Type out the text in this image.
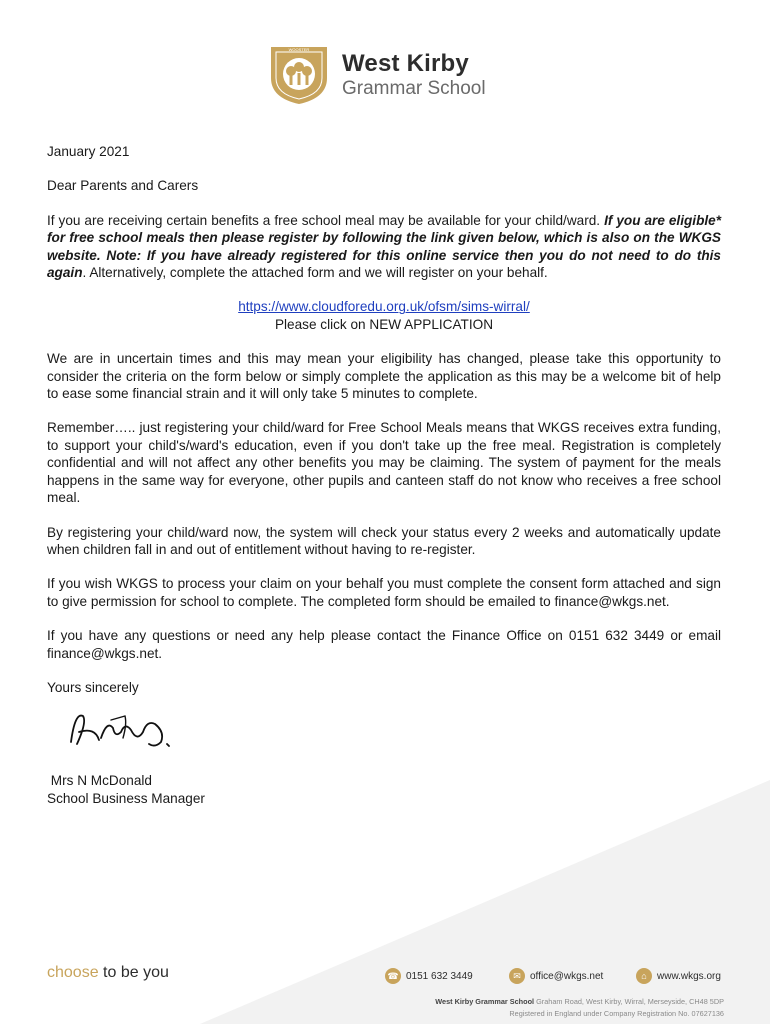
WOOSTER
West Kirby
Grammar School

January 2021

Dear Parents and Carers

If you are receiving certain benefits a free school meal may be available for your child/ward. If you are eligible* for free school meals then please register by following the link given below, which is also on the WKGS website. Note: If you have already registered for this online service then you do not need to do this again. Alternatively, complete the attached form and we will register on your behalf.

https://www.cloudforedu.org.uk/ofsm/sims-wirral/
Please click on NEW APPLICATION

We are in uncertain times and this may mean your eligibility has changed, please take this opportunity to consider the criteria on the form below or simply complete the application as this may be a welcome bit of help to ease some financial strain and it will only take 5 minutes to complete.

Remember….. just registering your child/ward for Free School Meals means that WKGS receives extra funding, to support your child's/ward's education, even if you don't take up the free meal. Registration is completely confidential and will not affect any other benefits you may be claiming. The system of payment for the meals happens in the same way for everyone, other pupils and canteen staff do not know who receives a free school meal.

By registering your child/ward now, the system will check your status every 2 weeks and automatically update when children fall in and out of entitlement without having to re-register.

If you wish WKGS to process your claim on your behalf you must complete the consent form attached and sign to give permission for school to complete. The completed form should be emailed to finance@wkgs.net.

If you have any questions or need any help please contact the Finance Office on 0151 632 3449 or email finance@wkgs.net.

Yours sincerely

Mrs N McDonald
School Business Manager

choose to be you	☎ 0151 632 3449	✉ office@wkgs.net	⌂	www.wkgs.org
West Kirby Grammar School Graham Road, West Kirby, Wirral, Merseyside, CH48 5DP
Registered in England under Company Registration No. 07627136
